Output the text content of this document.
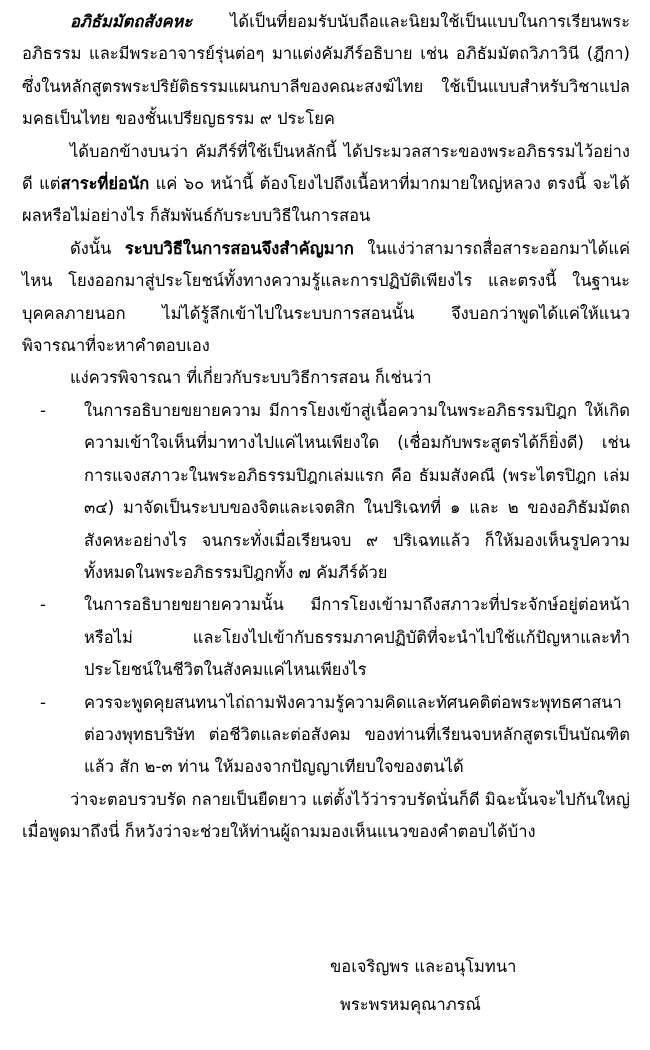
อภิธัมมัตถสังคหะ ได้เป็นที่ยอมรับนับถือและนิยมใช้เป็นแบบในการเรียนพระอภิธรรม และมีพระอาจารย์รุ่นต่อๆ มาแต่งคัมภีร์อธิบาย เช่น อภิธัมมัตถวิภาวินี (ฎีกา) ซึ่งในหลักสูตรพระปริยัติธรรมแผนกบาลีของคณะสงฆ์ไทย ใช้เป็นแบบสำหรับวิชาแปลมคธเป็นไทย ของชั้นเปรียญธรรม ๙ ประโยค

ได้บอกข้างบนว่า คัมภีร์ที่ใช้เป็นหลักนี้ ได้ประมวลสาระของพระอภิธรรมไว้อย่างดี แต่สาระที่ย่อนัก แค่ ๖๐ หน้านี้ ต้องโยงไปถึงเนื้อหาที่มากมายใหญ่หลวง ตรงนี้ จะได้ผลหรือไม่อย่างไร ก็สัมพันธ์กับระบบวิธีในการสอน

ดังนั้น ระบบวิธีในการสอนจึงสำคัญมาก ในแง่ว่าสามารถสื่อสาระออกมาได้แค่ไหน โยงออกมาสู่ประโยชน์ทั้งทางความรู้และการปฏิบัติเพียงไร และตรงนี้ ในฐานะบุคคลภายนอก ไม่ได้รู้ลึกเข้าไปในระบบการสอนนั้น จึงบอกว่าพูดได้แค่ให้แนวพิจารณาที่จะหาคำตอบเอง

แง่ควรพิจารณา ที่เกี่ยวกับระบบวิธีการสอน ก็เช่นว่า

- ในการอธิบายขยายความ มีการโยงเข้าสู่เนื้อความในพระอภิธรรมปิฎก ให้เกิดความเข้าใจเห็นที่มาทางไปแค่ไหนเพียงใด (เชื่อมกับพระสูตรได้ก็ยิ่งดี) เช่น การแจงสภาวะในพระอภิธรรมปิฎกเล่มแรก คือ ธัมมสังคณี (พระไตรปิฎก เล่ม ๓๔) มาจัดเป็นระบบของจิตและเจตสิก ในปริเฉทที่ ๑ และ ๒ ของอภิธัมมัตถสังคหะอย่างไร จนกระทั่งเมื่อเรียนจบ ๙ ปริเฉทแล้ว ก็ให้มองเห็นรูปความทั้งหมดในพระอภิธรรมปิฎกทั้ง ๗ คัมภีร์ด้วย
- ในการอธิบายขยายความนั้น มีการโยงเข้ามาถึงสภาวะที่ประจักษ์อยู่ต่อหน้าหรือไม่ และโยงไปเข้ากับธรรมภาคปฏิบัติที่จะนำไปใช้แก้ปัญหาและทำประโยชน์ในชีวิตในสังคมแค่ไหนเพียงไร
- ควรจะพูดคุยสนทนาไถ่ถามฟังความรู้ความคิดและทัศนคติต่อพระพุทธศาสนา ต่อวงพุทธบริษัท ต่อชีวิตและต่อสังคม ของท่านที่เรียนจบหลักสูตรเป็นบัณฑิตแล้ว สัก ๒-๓ ท่าน ให้มองจากปัญญาเทียบใจของตนได้

ว่าจะตอบรวบรัด กลายเป็นยืดยาว แต่ตั้งไว้ว่ารวบรัดนั่นก็ดี มิฉะนั้นจะไปกันใหญ่ เมื่อพูดมาถึงนี่ ก็หวังว่าจะช่วยให้ท่านผู้ถามมองเห็นแนวของคำตอบได้บ้าง

ขอเจริญพร และอนุโมทนา
พระพรหมคุณาภรณ์
